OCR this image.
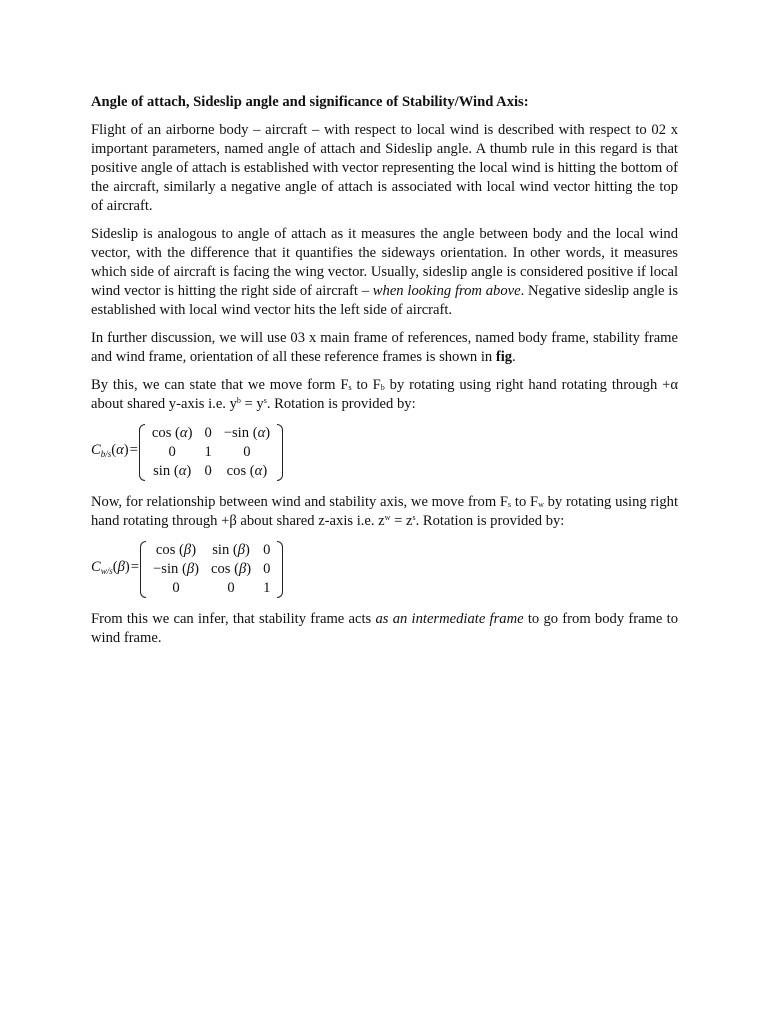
Angle of attach, Sideslip angle and significance of Stability/Wind Axis:

Flight of an airborne body – aircraft – with respect to local wind is described with respect to 02 x important parameters, named angle of attach and Sideslip angle. A thumb rule in this regard is that positive angle of attach is established with vector representing the local wind is hitting the bottom of the aircraft, similarly a negative angle of attach is associated with local wind vector hitting the top of aircraft.

Sideslip is analogous to angle of attach as it measures the angle between body and the local wind vector, with the difference that it quantifies the sideways orientation. In other words, it measures which side of aircraft is facing the wing vector. Usually, sideslip angle is considered positive if local wind vector is hitting the right side of aircraft – when looking from above. Negative sideslip angle is established with local wind vector hits the left side of aircraft.

In further discussion, we will use 03 x main frame of references, named body frame, stability frame and wind frame, orientation of all these reference frames is shown in fig.

By this, we can state that we move form $F_s$ to $F_b$ by rotating using right hand rotating through +α about shared y-axis i.e. $y^b = y^s$. Rotation is provided by:

$C_{b/s}(\alpha)=$
cos (α)	0	−sin (α)
0	1	0
sin (α)	0	cos (α)

Now, for relationship between wind and stability axis, we move from $F_s$ to $F_w$ by rotating using right hand rotating through +β about shared z-axis i.e. $z^w = z^s$. Rotation is provided by:

$C_{w/s}(\beta)=$
cos (β)	sin (β)	0
−sin (β)	cos (β)	0
0	0	1

From this we can infer, that stability frame acts as an intermediate frame to go from body frame to wind frame.
